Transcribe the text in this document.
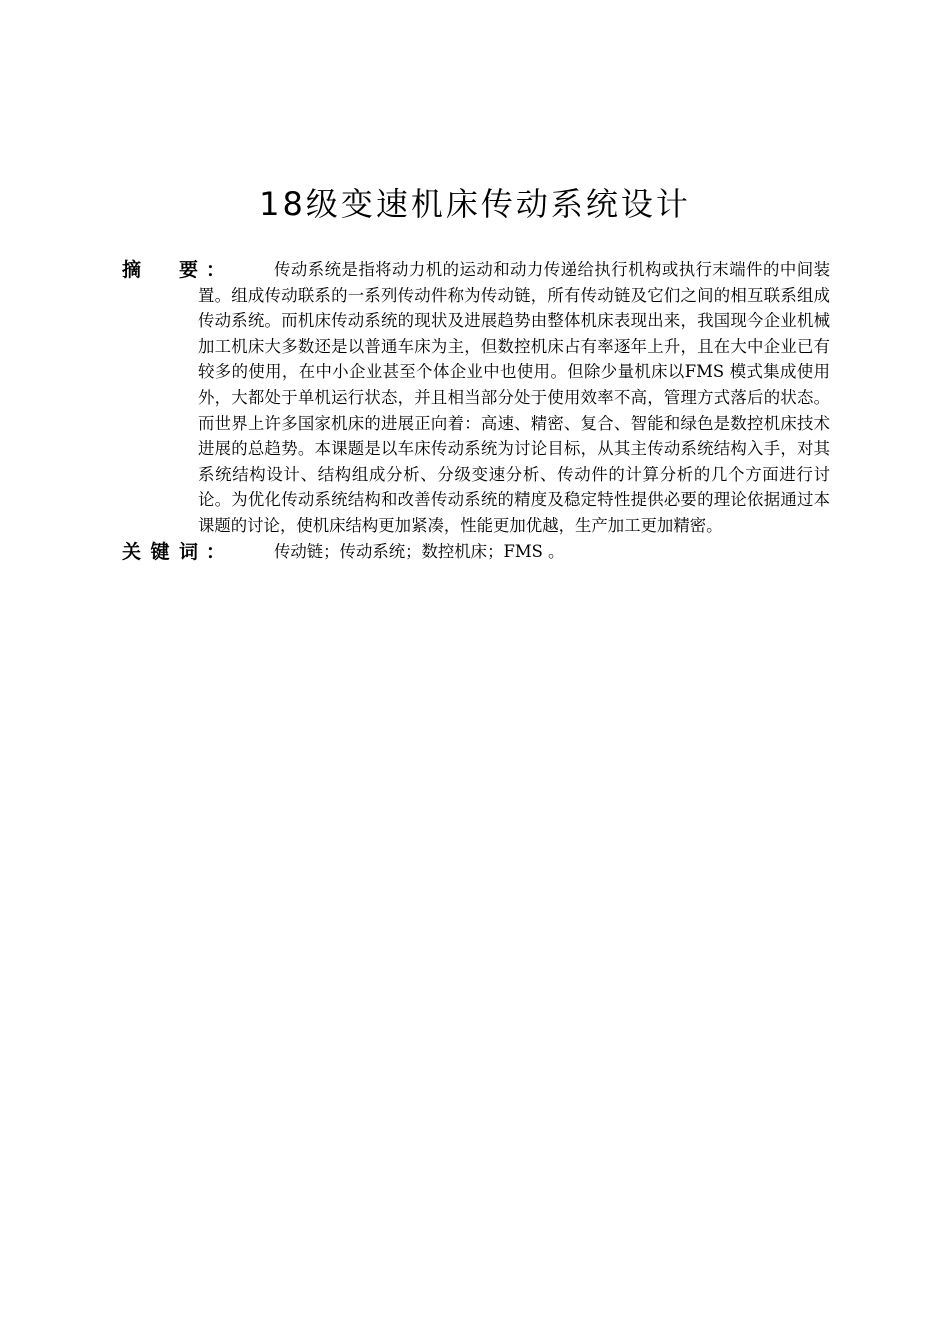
18级变速机床传动系统设计
摘 要 ：	传动系统是指将动力机的运动和动力传递给执行机构或执行末端件的中间装置。组成传动联系的一系列传动件称为传动链，所有传动链及它们之间的相互联系组成传动系统。而机床传动系统的现状及进展趋势由整体机床表现出来，我国现今企业机械加工机床大多数还是以普通车床为主，但数控机床占有率逐年上升，且在大中企业已有较多的使用，在中小企业甚至个体企业中也使用。但除少量机床以FMS 模式集成使用外，大都处于单机运行状态，并且相当部分处于使用效率不高，管理方式落后的状态。而世界上许多国家机床的进展正向着：高速、精密、复合、智能和绿色是数控机床技术进展的总趋势。本课题是以车床传动系统为讨论目标，从其主传动系统结构入手，对其系统结构设计、结构组成分析、分级变速分析、传动件的计算分析的几个方面进行讨论。为优化传动系统结构和改善传动系统的精度及稳定特性提供必要的理论依据通过本课题的讨论，使机床结构更加紧凑，性能更加优越，生产加工更加精密。
关 键 词 ：	传动链；传动系统；数控机床；FMS 。
